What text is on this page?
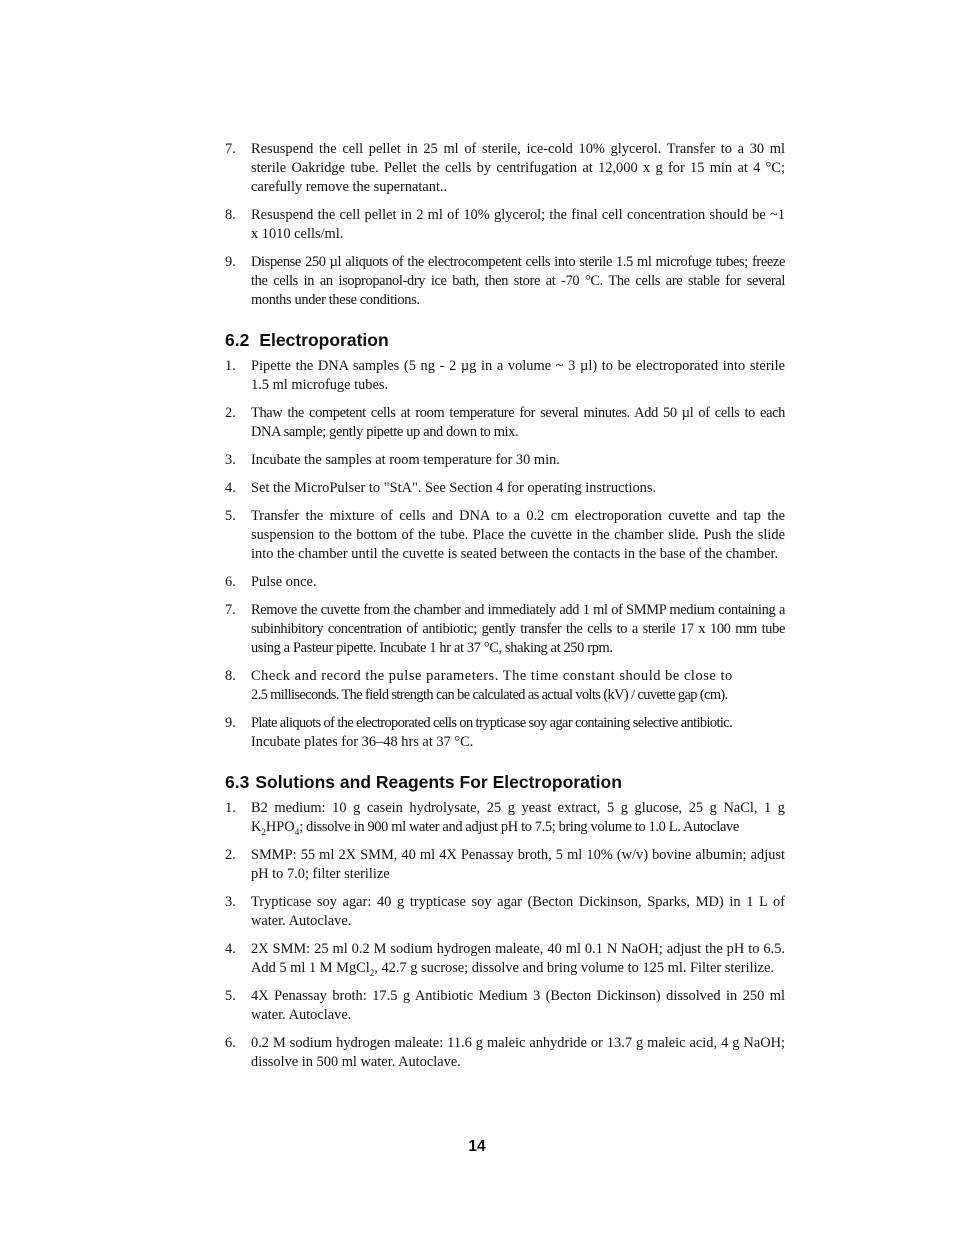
7. Resuspend the cell pellet in 25 ml of sterile, ice-cold 10% glycerol. Transfer to a 30 ml sterile Oakridge tube. Pellet the cells by centrifugation at 12,000 x g for 15 min at 4 °C; carefully remove the supernatant..
8. Resuspend the cell pellet in 2 ml of 10% glycerol; the final cell concentration should be ~1 x 1010 cells/ml.
9. Dispense 250 µl aliquots of the electrocompetent cells into sterile 1.5 ml microfuge tubes; freeze the cells in an isopropanol-dry ice bath, then store at -70 °C. The cells are stable for several months under these conditions.
6.2 Electroporation
1. Pipette the DNA samples (5 ng - 2 µg in a volume ~ 3 µl) to be electroporated into sterile 1.5 ml microfuge tubes.
2. Thaw the competent cells at room temperature for several minutes. Add 50 µl of cells to each DNA sample; gently pipette up and down to mix.
3. Incubate the samples at room temperature for 30 min.
4. Set the MicroPulser to "StA". See Section 4 for operating instructions.
5. Transfer the mixture of cells and DNA to a 0.2 cm electroporation cuvette and tap the suspension to the bottom of the tube. Place the cuvette in the chamber slide. Push the slide into the chamber until the cuvette is seated between the contacts in the base of the chamber.
6. Pulse once.
7. Remove the cuvette from the chamber and immediately add 1 ml of SMMP medium containing a subinhibitory concentration of antibiotic; gently transfer the cells to a sterile 17 x 100 mm tube using a Pasteur pipette. Incubate 1 hr at 37 °C, shaking at 250 rpm.
8. Check and record the pulse parameters. The time constant should be close to
2.5 milliseconds. The field strength can be calculated as actual volts (kV) / cuvette gap (cm).
9. Plate aliquots of the electroporated cells on trypticase soy agar containing selective antibiotic.
Incubate plates for 36–48 hrs at 37 °C.
6.3 Solutions and Reagents For Electroporation
1. B2 medium: 10 g casein hydrolysate, 25 g yeast extract, 5 g glucose, 25 g NaCl, 1 g $K_2HPO_4$; dissolve in 900 ml water and adjust pH to 7.5; bring volume to 1.0 L. Autoclave
2. SMMP: 55 ml 2X SMM, 40 ml 4X Penassay broth, 5 ml 10% (w/v) bovine albumin; adjust pH to 7.0; filter sterilize
3. Trypticase soy agar: 40 g trypticase soy agar (Becton Dickinson, Sparks, MD) in 1 L of water. Autoclave.
4. 2X SMM: 25 ml 0.2 M sodium hydrogen maleate, 40 ml 0.1 N NaOH; adjust the pH to 6.5. Add 5 ml 1 M MgCl$_2$, 42.7 g sucrose; dissolve and bring volume to 125 ml. Filter sterilize.
5. 4X Penassay broth: 17.5 g Antibiotic Medium 3 (Becton Dickinson) dissolved in 250 ml water. Autoclave.
6. 0.2 M sodium hydrogen maleate: 11.6 g maleic anhydride or 13.7 g maleic acid, 4 g NaOH; dissolve in 500 ml water. Autoclave.
14
